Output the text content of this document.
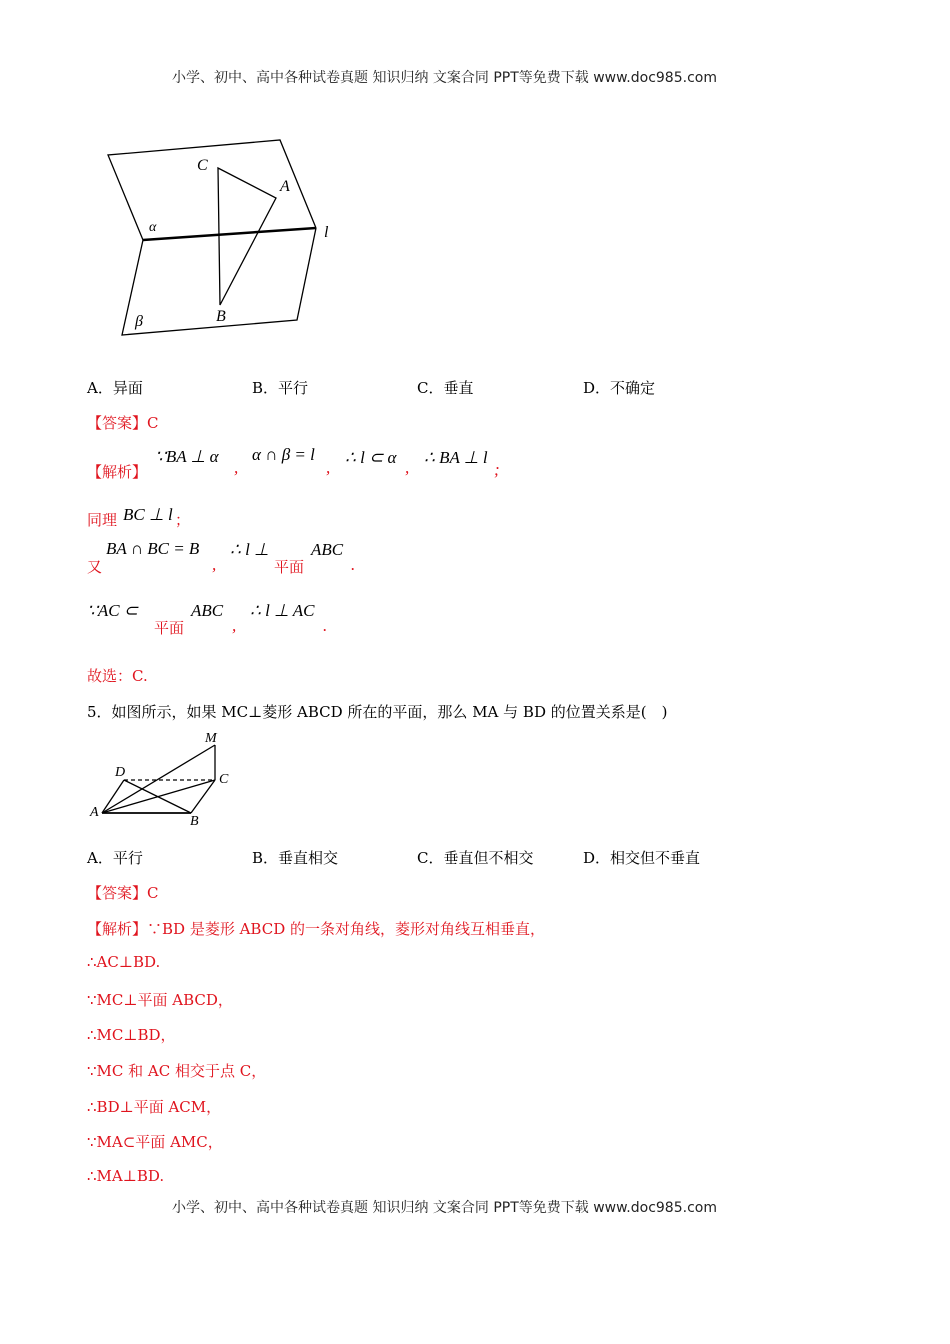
小学、初中、高中各种试卷真题 知识归纳 文案合同 PPT等免费下载 www.doc985.com
C
A
α	l
β	B
A．异面	B．平行	C．垂直	D．不确定
【答案】C
【解析】
∵BA ⊥ α
,
α ∩ β = l
,
∴ l ⊂ α
,
∴ BA ⊥ l
;
同理 BC ⊥ l ；
又
BA ∩ BC = B
,
∴ l ⊥
平面
ABC
.
∵AC ⊂
平面
ABC
,
∴ l ⊥ AC
.
故选：C.
5．如图所示，如果 MC⊥菱形 ABCD 所在的平面，那么 MA 与 BD 的位置关系是(　)
M
D	C
A
B
A．平行	B．垂直相交	C．垂直但不相交	D．相交但不垂直
【答案】C
【解析】∵BD 是菱形 ABCD 的一条对角线，菱形对角线互相垂直，
∴AC⊥BD.
∵MC⊥平面 ABCD，
∴MC⊥BD，
∵MC 和 AC 相交于点 C，
∴BD⊥平面 ACM，
∵MA⊂平面 AMC，
∴MA⊥BD.
小学、初中、高中各种试卷真题 知识归纳 文案合同 PPT等免费下载 www.doc985.com
